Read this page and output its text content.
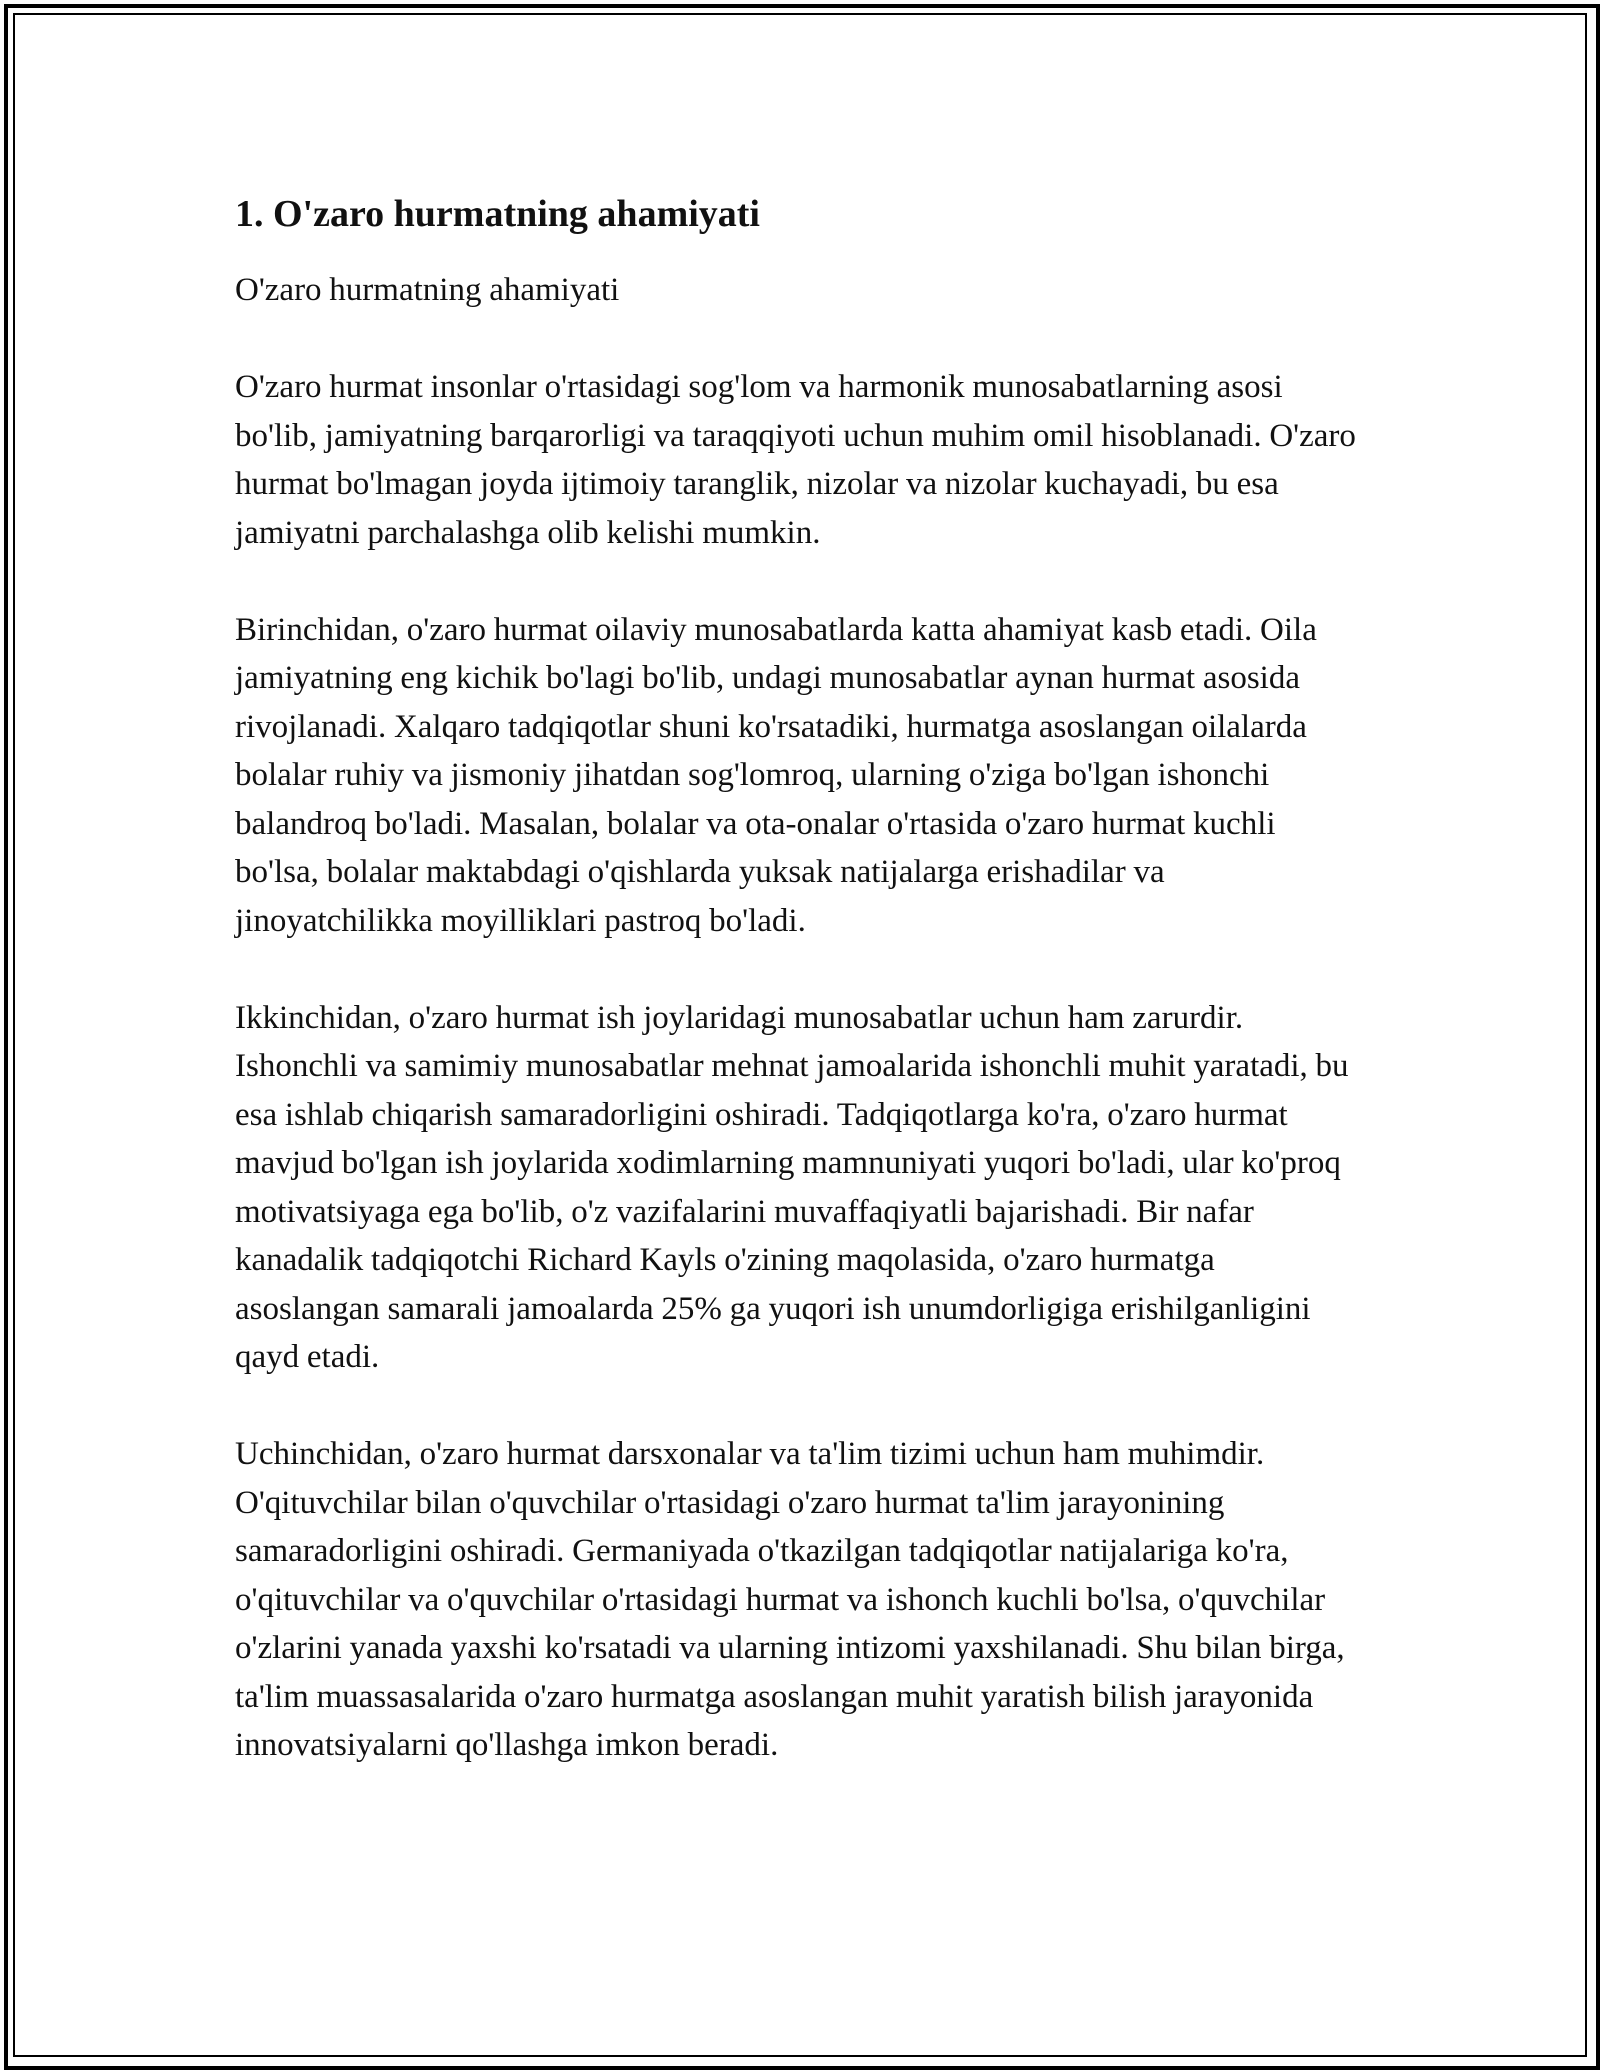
1. O'zaro hurmatning ahamiyati

O'zaro hurmatning ahamiyati

O'zaro hurmat insonlar o'rtasidagi sog'lom va harmonik munosabatlarning asosi bo'lib, jamiyatning barqarorligi va taraqqiyoti uchun muhim omil hisoblanadi. O'zaro hurmat bo'lmagan joyda ijtimoiy taranglik, nizolar va nizolar kuchayadi, bu esa jamiyatni parchalashga olib kelishi mumkin.

Birinchidan, o'zaro hurmat oilaviy munosabatlarda katta ahamiyat kasb etadi. Oila jamiyatning eng kichik bo'lagi bo'lib, undagi munosabatlar aynan hurmat asosida rivojlanadi. Xalqaro tadqiqotlar shuni ko'rsatadiki, hurmatga asoslangan oilalarda bolalar ruhiy va jismoniy jihatdan sog'lomroq, ularning o'ziga bo'lgan ishonchi balandroq bo'ladi. Masalan, bolalar va ota-onalar o'rtasida o'zaro hurmat kuchli bo'lsa, bolalar maktabdagi o'qishlarda yuksak natijalarga erishadilar va jinoyatchilikka moyilliklari pastroq bo'ladi.

Ikkinchidan, o'zaro hurmat ish joylaridagi munosabatlar uchun ham zarurdir. Ishonchli va samimiy munosabatlar mehnat jamoalarida ishonchli muhit yaratadi, bu esa ishlab chiqarish samaradorligini oshiradi. Tadqiqotlarga ko'ra, o'zaro hurmat mavjud bo'lgan ish joylarida xodimlarning mamnuniyati yuqori bo'ladi, ular ko'proq motivatsiyaga ega bo'lib, o'z vazifalarini muvaffaqiyatli bajarishadi. Bir nafar kanadalik tadqiqotchi Richard Kayls o'zining maqolasida, o'zaro hurmatga asoslangan samarali jamoalarda 25% ga yuqori ish unumdorligiga erishilganligini qayd etadi.

Uchinchidan, o'zaro hurmat darsxonalar va ta'lim tizimi uchun ham muhimdir. O'qituvchilar bilan o'quvchilar o'rtasidagi o'zaro hurmat ta'lim jarayonining samaradorligini oshiradi. Germaniyada o'tkazilgan tadqiqotlar natijalariga ko'ra, o'qituvchilar va o'quvchilar o'rtasidagi hurmat va ishonch kuchli bo'lsa, o'quvchilar o'zlarini yanada yaxshi ko'rsatadi va ularning intizomi yaxshilanadi. Shu bilan birga, ta'lim muassasalarida o'zaro hurmatga asoslangan muhit yaratish bilish jarayonida innovatsiyalarni qo'llashga imkon beradi.
